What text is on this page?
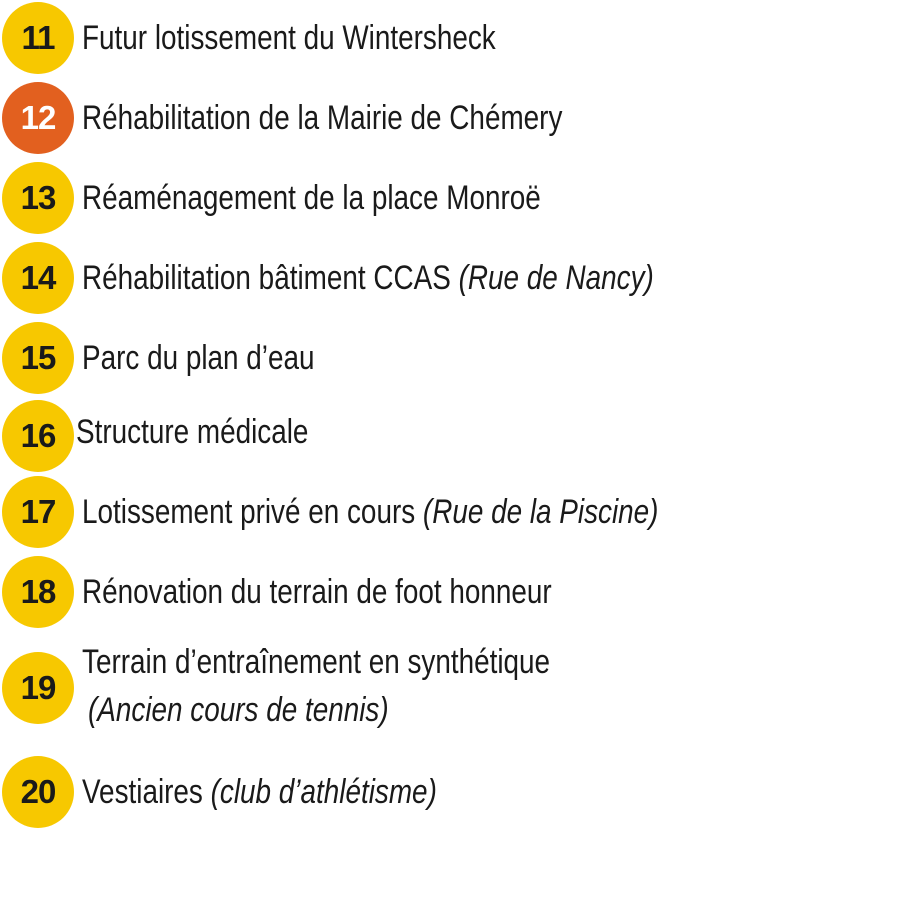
11 Futur lotissement du Wintersheck
12 Réhabilitation de la Mairie de Chémery
13 Réaménagement de la place Monroë
14 Réhabilitation bâtiment CCAS (Rue de Nancy)
15 Parc du plan d’eau
16 Structure médicale
17 Lotissement privé en cours (Rue de la Piscine)
18 Rénovation du terrain de foot honneur
19
Terrain d’entraînement en synthétique
(Ancien cours de tennis)
20 Vestiaires (club d’athlétisme)
